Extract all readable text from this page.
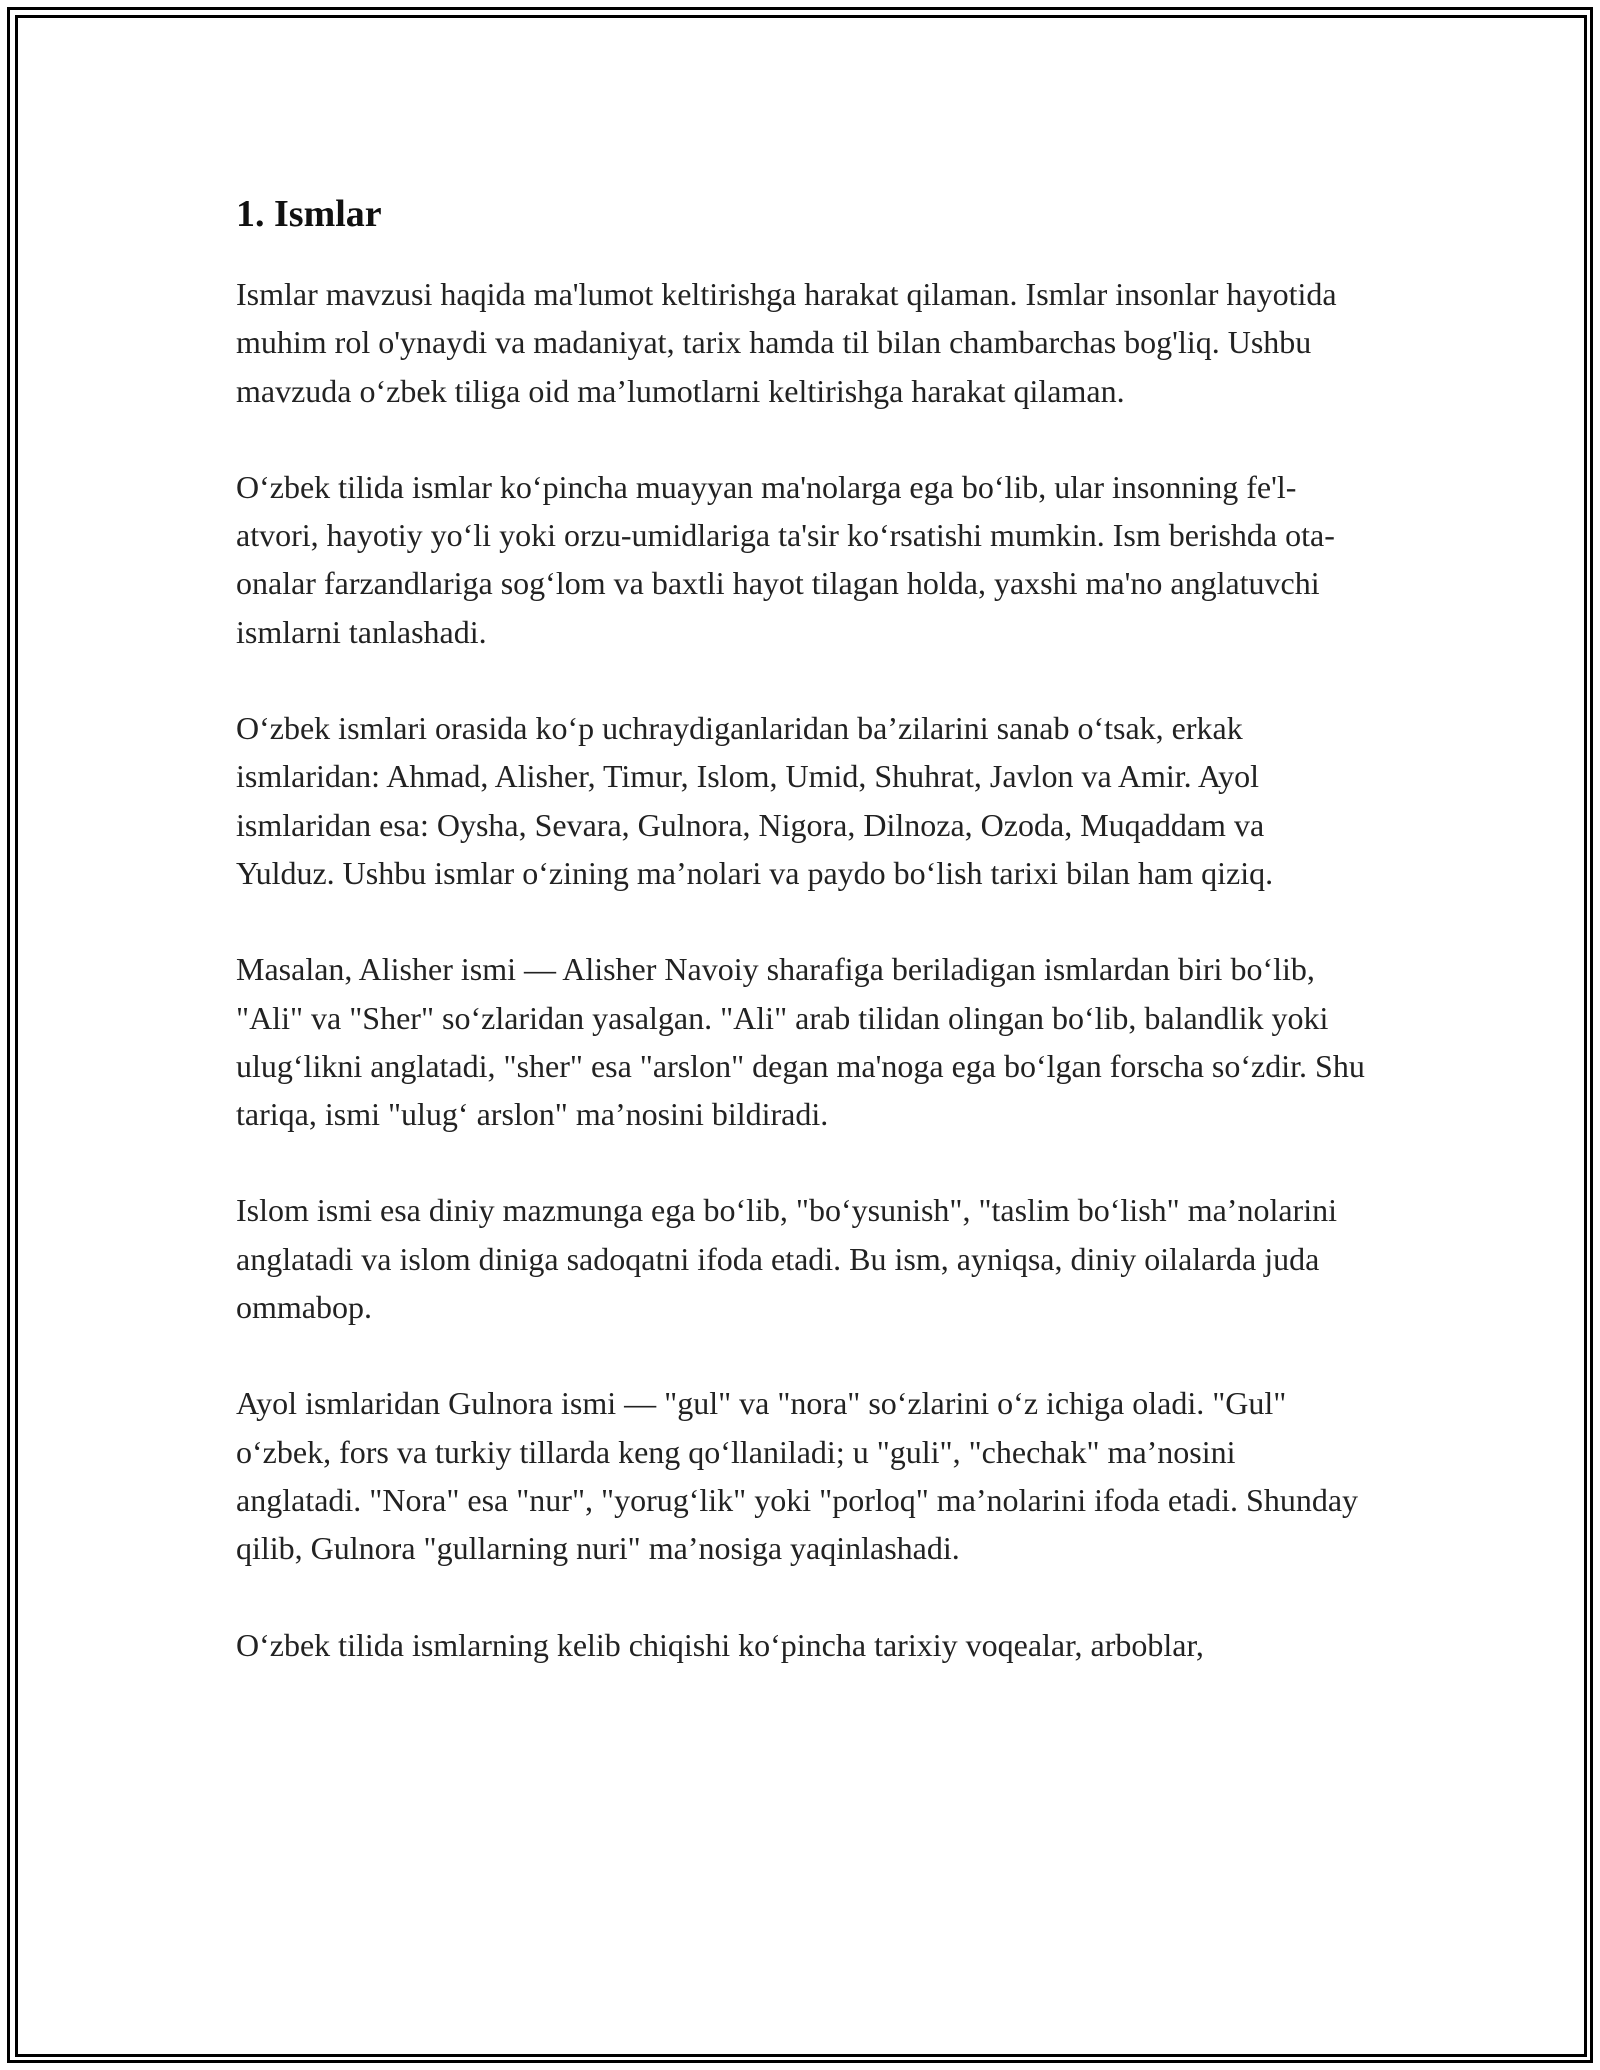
1. Ismlar

Ismlar mavzusi haqida ma'lumot keltirishga harakat qilaman. Ismlar insonlar hayotida muhim rol o'ynaydi va madaniyat, tarix hamda til bilan chambarchas bog'liq. Ushbu mavzuda o‘zbek tiliga oid ma’lumotlarni keltirishga harakat qilaman.

O‘zbek tilida ismlar ko‘pincha muayyan ma'nolarga ega bo‘lib, ular insonning fe'l-atvori, hayotiy yo‘li yoki orzu-umidlariga ta'sir ko‘rsatishi mumkin. Ism berishda ota-onalar farzandlariga sog‘lom va baxtli hayot tilagan holda, yaxshi ma'no anglatuvchi ismlarni tanlashadi.

O‘zbek ismlari orasida ko‘p uchraydiganlaridan ba’zilarini sanab o‘tsak, erkak ismlaridan: Ahmad, Alisher, Timur, Islom, Umid, Shuhrat, Javlon va Amir. Ayol ismlaridan esa: Oysha, Sevara, Gulnora, Nigora, Dilnoza, Ozoda, Muqaddam va Yulduz. Ushbu ismlar o‘zining ma’nolari va paydo bo‘lish tarixi bilan ham qiziq.

Masalan, Alisher ismi — Alisher Navoiy sharafiga beriladigan ismlardan biri bo‘lib, "Ali" va "Sher" so‘zlaridan yasalgan. "Ali" arab tilidan olingan bo‘lib, balandlik yoki ulug‘likni anglatadi, "sher" esa "arslon" degan ma'noga ega bo‘lgan forscha so‘zdir. Shu tariqa, ismi "ulug‘ arslon" ma’nosini bildiradi.

Islom ismi esa diniy mazmunga ega bo‘lib, "bo‘ysunish", "taslim bo‘lish" ma’nolarini anglatadi va islom diniga sadoqatni ifoda etadi. Bu ism, ayniqsa, diniy oilalarda juda ommabop.

Ayol ismlaridan Gulnora ismi — "gul" va "nora" so‘zlarini o‘z ichiga oladi. "Gul" o‘zbek, fors va turkiy tillarda keng qo‘llaniladi; u "guli", "chechak" ma’nosini anglatadi. "Nora" esa "nur", "yorug‘lik" yoki "porloq" ma’nolarini ifoda etadi. Shunday qilib, Gulnora "gullarning nuri" ma’nosiga yaqinlashadi.

O‘zbek tilida ismlarning kelib chiqishi ko‘pincha tarixiy voqealar, arboblar,
